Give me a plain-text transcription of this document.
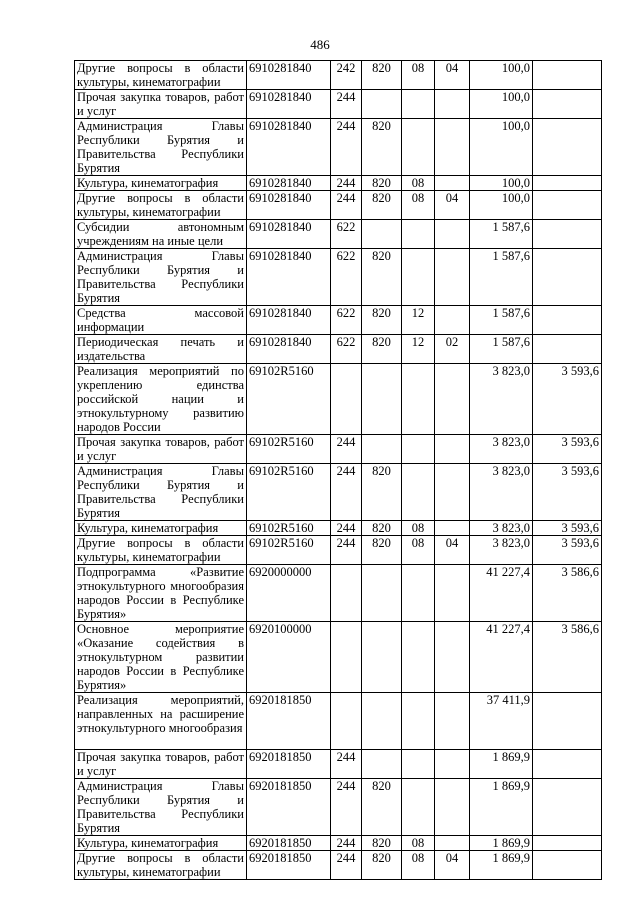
486
Другие вопросы в области культуры, кинематографии	6910281840	242	820	08	04	100,0	
Прочая закупка товаров, работ и услуг	6910281840	244				100,0	
Администрация Главы Республики Бурятия и Правительства Республики Бурятия	6910281840	244	820			100,0	
Культура, кинематография	6910281840	244	820	08		100,0	
Другие вопросы в области культуры, кинематографии	6910281840	244	820	08	04	100,0	
Субсидии автономным учреждениям на иные цели	6910281840	622				1 587,6	
Администрация Главы Республики Бурятия и Правительства Республики Бурятия	6910281840	622	820			1 587,6	
Средства массовой информации	6910281840	622	820	12		1 587,6	
Периодическая печать и издательства	6910281840	622	820	12	02	1 587,6	
Реализация мероприятий по укреплению единства российской нации и этнокультурному развитию народов России	69102R5160					3 823,0	3 593,6
Прочая закупка товаров, работ и услуг	69102R5160	244				3 823,0	3 593,6
Администрация Главы Республики Бурятия и Правительства Республики Бурятия	69102R5160	244	820			3 823,0	3 593,6
Культура, кинематография	69102R5160	244	820	08		3 823,0	3 593,6
Другие вопросы в области культуры, кинематографии	69102R5160	244	820	08	04	3 823,0	3 593,6
Подпрограмма «Развитие этнокультурного многообразия народов России в Республике Бурятия»	6920000000					41 227,4	3 586,6
Основное мероприятие «Оказание содействия в этнокультурном развитии народов России в Республике Бурятия»	6920100000					41 227,4	3 586,6
Реализация мероприятий, направленных на расширение этнокультурного многообразия	6920181850					37 411,9	
Прочая закупка товаров, работ и услуг	6920181850	244				1 869,9	
Администрация Главы Республики Бурятия и Правительства Республики Бурятия	6920181850	244	820			1 869,9	
Культура, кинематография	6920181850	244	820	08		1 869,9	
Другие вопросы в области культуры, кинематографии	6920181850	244	820	08	04	1 869,9	
